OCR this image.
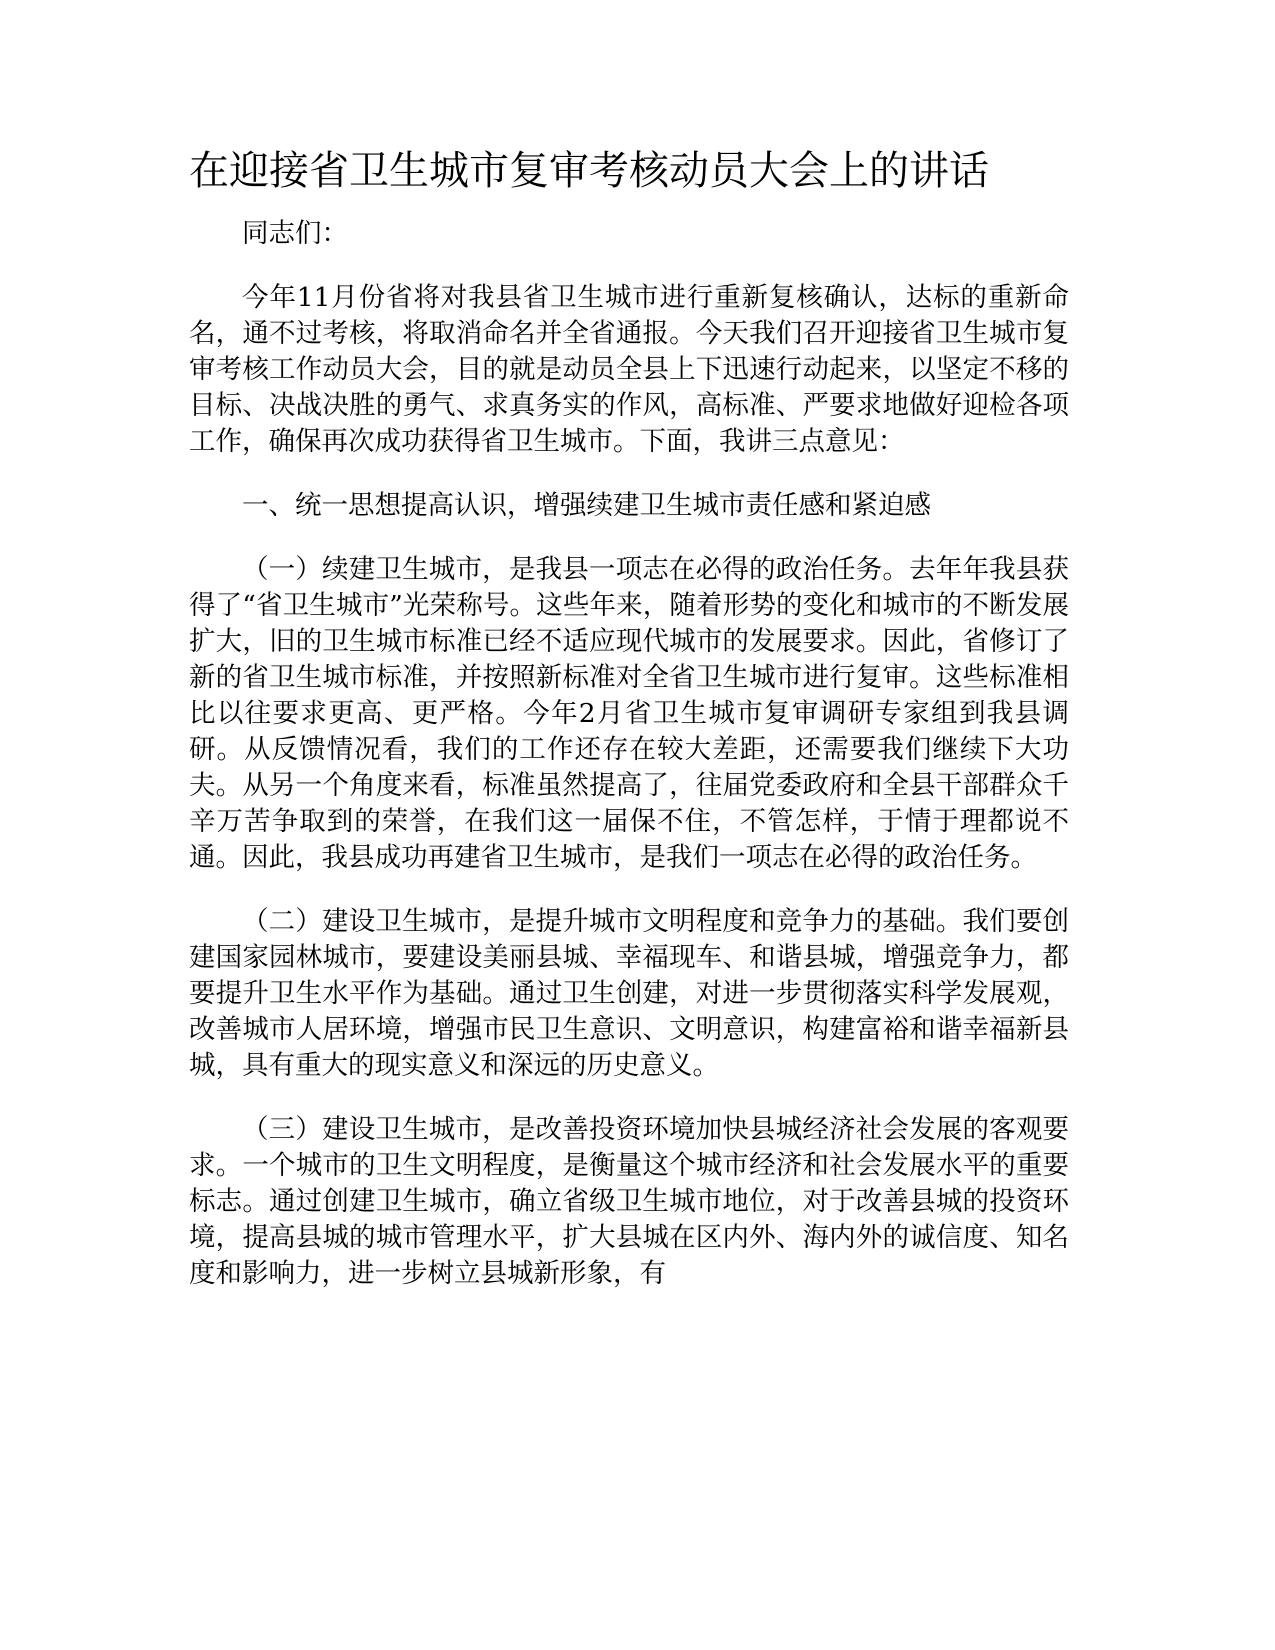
在迎接省卫生城市复审考核动员大会上的讲话

同志们：

今年11月份省将对我县省卫生城市进行重新复核确认，达标的重新命名，通不过考核，将取消命名并全省通报。今天我们召开迎接省卫生城市复审考核工作动员大会，目的就是动员全县上下迅速行动起来，以坚定不移的目标、决战决胜的勇气、求真务实的作风，高标准、严要求地做好迎检各项工作，确保再次成功获得省卫生城市。下面，我讲三点意见：

一、统一思想提高认识，增强续建卫生城市责任感和紧迫感

（一）续建卫生城市，是我县一项志在必得的政治任务。去年年我县获得了“省卫生城市”光荣称号。这些年来，随着形势的变化和城市的不断发展扩大，旧的卫生城市标准已经不适应现代城市的发展要求。因此，省修订了新的省卫生城市标准，并按照新标准对全省卫生城市进行复审。这些标准相比以往要求更高、更严格。今年2月省卫生城市复审调研专家组到我县调研。从反馈情况看，我们的工作还存在较大差距，还需要我们继续下大功夫。从另一个角度来看，标准虽然提高了，往届党委政府和全县干部群众千辛万苦争取到的荣誉，在我们这一届保不住，不管怎样，于情于理都说不通。因此，我县成功再建省卫生城市，是我们一项志在必得的政治任务。

（二）建设卫生城市，是提升城市文明程度和竞争力的基础。我们要创建国家园林城市，要建设美丽县城、幸福现车、和谐县城，增强竞争力，都要提升卫生水平作为基础。通过卫生创建，对进一步贯彻落实科学发展观，改善城市人居环境，增强市民卫生意识、文明意识，构建富裕和谐幸福新县城，具有重大的现实意义和深远的历史意义。

（三）建设卫生城市，是改善投资环境加快县城经济社会发展的客观要求。一个城市的卫生文明程度，是衡量这个城市经济和社会发展水平的重要标志。通过创建卫生城市，确立省级卫生城市地位，对于改善县城的投资环境，提高县城的城市管理水平，扩大县城在区内外、海内外的诚信度、知名度和影响力，进一步树立县城新形象，有
